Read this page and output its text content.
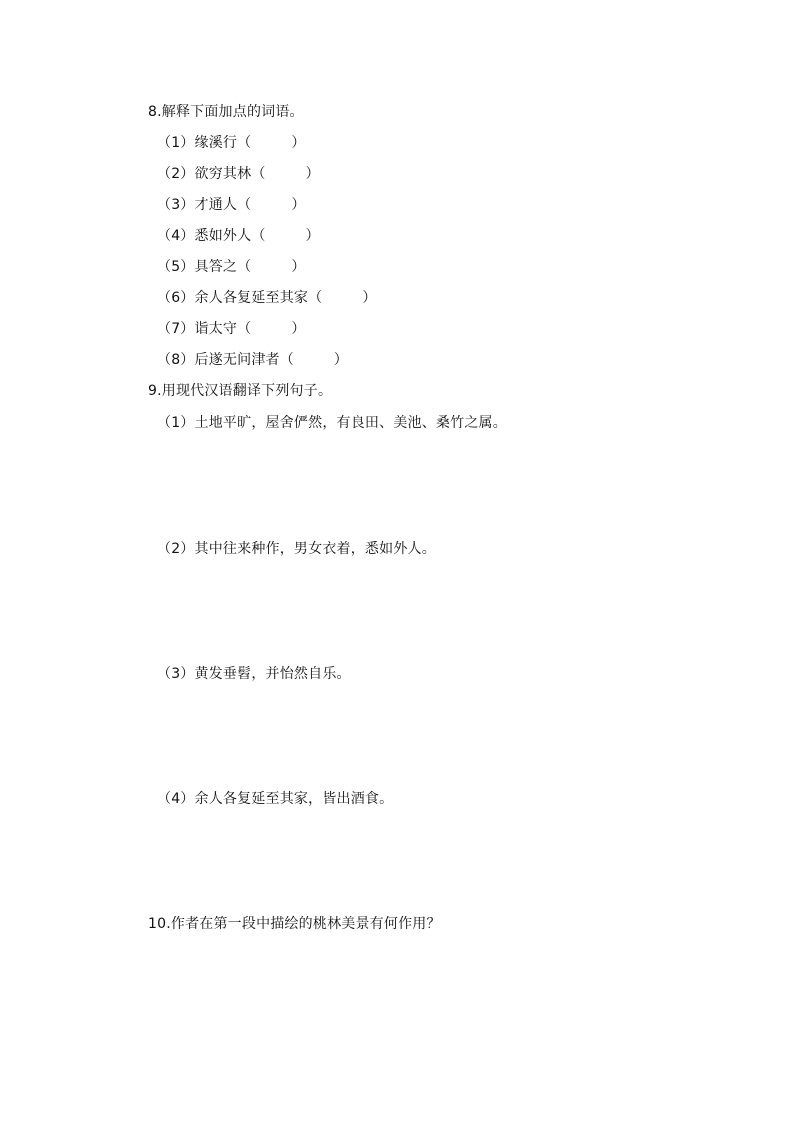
8.解释下面加点的词语。
（1）缘溪行（	）
（2）欲穷其林（	）
（3）才通人（	）
（4）悉如外人（	）
（5）具答之（	）
（6）余人各复延至其家（	）
（7）诣太守（	）
（8）后遂无问津者（	）
9.用现代汉语翻译下列句子。
（1）土地平旷，屋舍俨然，有良田、美池、桑竹之属。
（2）其中往来种作，男女衣着，悉如外人。
（3）黄发垂髫，并怡然自乐。
（4）余人各复延至其家，皆出酒食。
10.作者在第一段中描绘的桃林美景有何作用？
